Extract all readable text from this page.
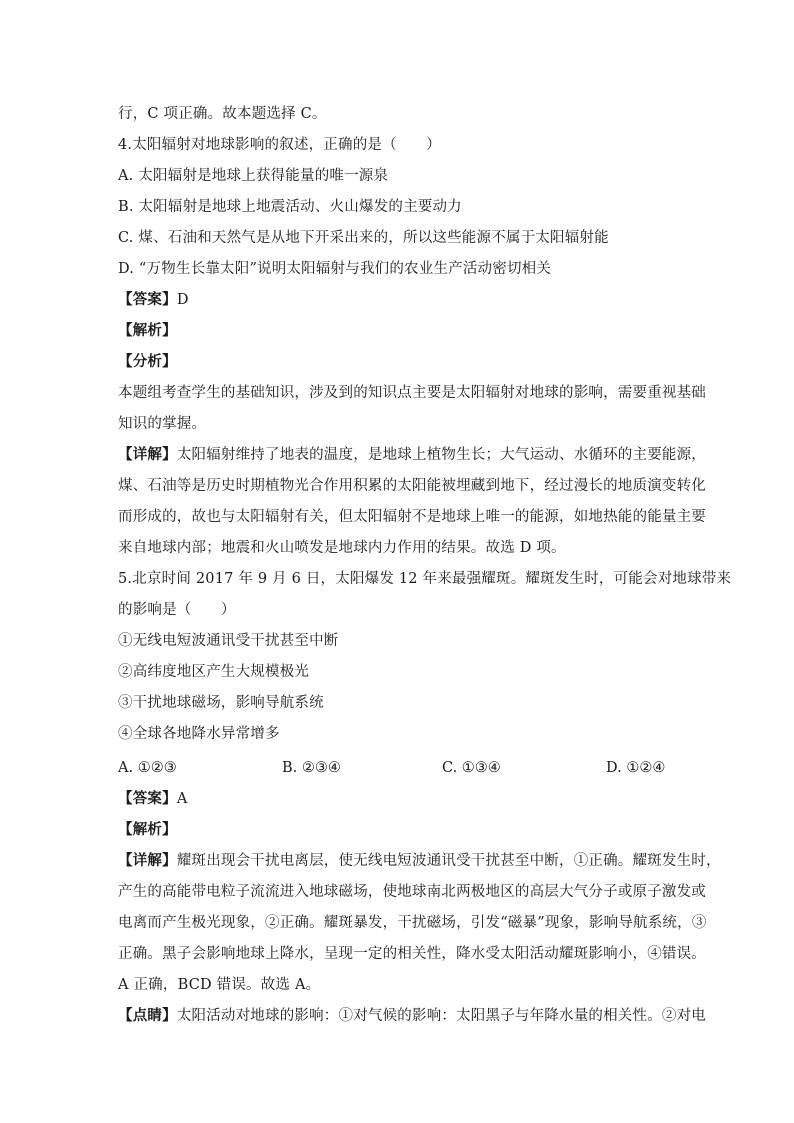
行，C 项正确。故本题选择 C。
4.太阳辐射对地球影响的叙述，正确的是（　　）
A. 太阳辐射是地球上获得能量的唯一源泉
B. 太阳辐射是地球上地震活动、火山爆发的主要动力
C. 煤、石油和天然气是从地下开采出来的，所以这些能源不属于太阳辐射能
D. “万物生长靠太阳”说明太阳辐射与我们的农业生产活动密切相关
【答案】D
【解析】
【分析】
本题组考查学生的基础知识，涉及到的知识点主要是太阳辐射对地球的影响，需要重视基础
知识的掌握。
【详解】太阳辐射维持了地表的温度，是地球上植物生长；大气运动、水循环的主要能源，
煤、石油等是历史时期植物光合作用积累的太阳能被埋藏到地下，经过漫长的地质演变转化
而形成的，故也与太阳辐射有关，但太阳辐射不是地球上唯一的能源，如地热能的能量主要
来自地球内部；地震和火山喷发是地球内力作用的结果。故选 D 项。
5.北京时间 2017 年 9 月 6 日，太阳爆发 12 年来最强耀斑。耀斑发生时，可能会对地球带来
的影响是（　　）
①无线电短波通讯受干扰甚至中断
②高纬度地区产生大规模极光
③干扰地球磁场，影响导航系统
④全球各地降水异常增多
A. ①②③	B. ②③④	C. ①③④	D. ①②④
【答案】A
【解析】
【详解】耀斑出现会干扰电离层，使无线电短波通讯受干扰甚至中断，①正确。耀斑发生时，
产生的高能带电粒子流流进入地球磁场，使地球南北两极地区的高层大气分子或原子激发或
电离而产生极光现象，②正确。耀斑暴发，干扰磁场，引发“磁暴”现象，影响导航系统，③
正确。黑子会影响地球上降水，呈现一定的相关性，降水受太阳活动耀斑影响小，④错误。
A 正确，BCD 错误。故选 A。
【点睛】太阳活动对地球的影响：①对气候的影响：太阳黑子与年降水量的相关性。②对电
